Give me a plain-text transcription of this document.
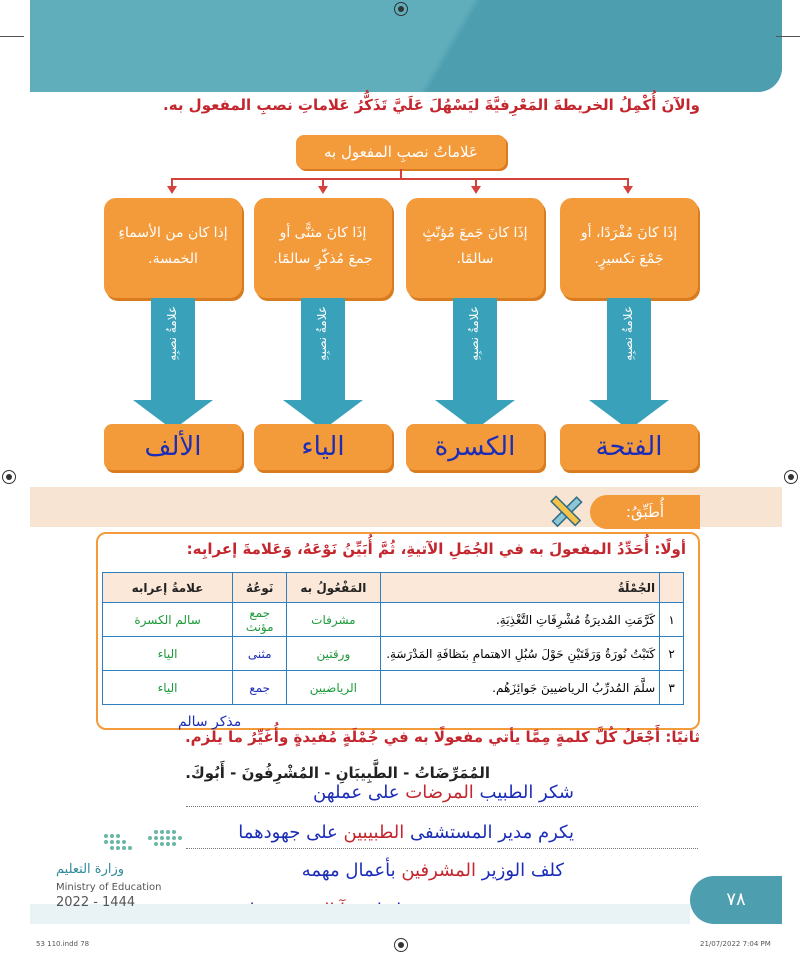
والآنَ أُكْمِلُ الخريطةَ المَعْرِفيَّةَ ليَسْهُلَ عَلَيَّ تَذَكُّرُ عَلاماتِ نصبِ المفعول به.
عَلاماتُ نصبِ المفعول به
إذَا كانَ مُفْرَدًا، أو
جَمْعَ تكسيرٍ.
علامةُ نصبِهِ
الفتحة
إذَا كانَ جَمعَ مُؤنّثٍ
سالمًا.
علامةُ نصبِهِ
الكسرة
إذَا كانَ مثنًّى أو
جمعَ مُذكّرٍ سالمًا.
علامةُ نصبِهِ
الياء
إذا كان من الأسماءِ
الخمسة.
علامةُ نصبِهِ
الألف
أُطَبِّقُ:
أولًا: أُحَدِّدُ المفعولَ به في الجُمَلِ الآتيةِ، ثُمَّ أُبَيِّنُ نَوْعَهُ، وَعَلامةَ إعرابِه:
	الجُمْلَةُ	المَفْعُولُ به	نَوعُهُ	علامةُ إعرابه
١	كَرَّمَتِ المُديرَةُ مُشْرِفَاتِ التَّغْذِيَةِ.	مشرفات	جمع مؤنث	سالم الكسرة
٢	كَتَبْتُ نُورَةُ وَرَقَتَيْنِ حَوْلَ سُبُلِ الاهتمامِ بنَظافَةِ المَدْرَسَةِ.	ورقتين	مثنى	الياء
٣	سلَّمَ المُدرِّبُ الرياضيينَ جَوائِزَهُم.	الرياضيين	جمع	الياء
مذكر سالم
ثانيًا: أَجْعَلُ كُلَّ كلمةٍ مِمَّا يأتي مفعولًا به في جُمْلَةٍ مُفيدةٍ وأُغَيِّرُ ما يلزم.
المُمَرِّضَاتُ - الطَّبِيبَانِ - المُشْرِفُونَ - أَبُوكَ.
شكر الطبيب المرضات على عملهن
يكرم مدير المستشفى الطبيبين على جهودهما
كلف الوزير المشرفين بأعمال مهمه
٧٨
وزارة التعليم
Ministry of Education
2022 - 1444
53 110.indd 78	21/07/2022 7:04 PM
